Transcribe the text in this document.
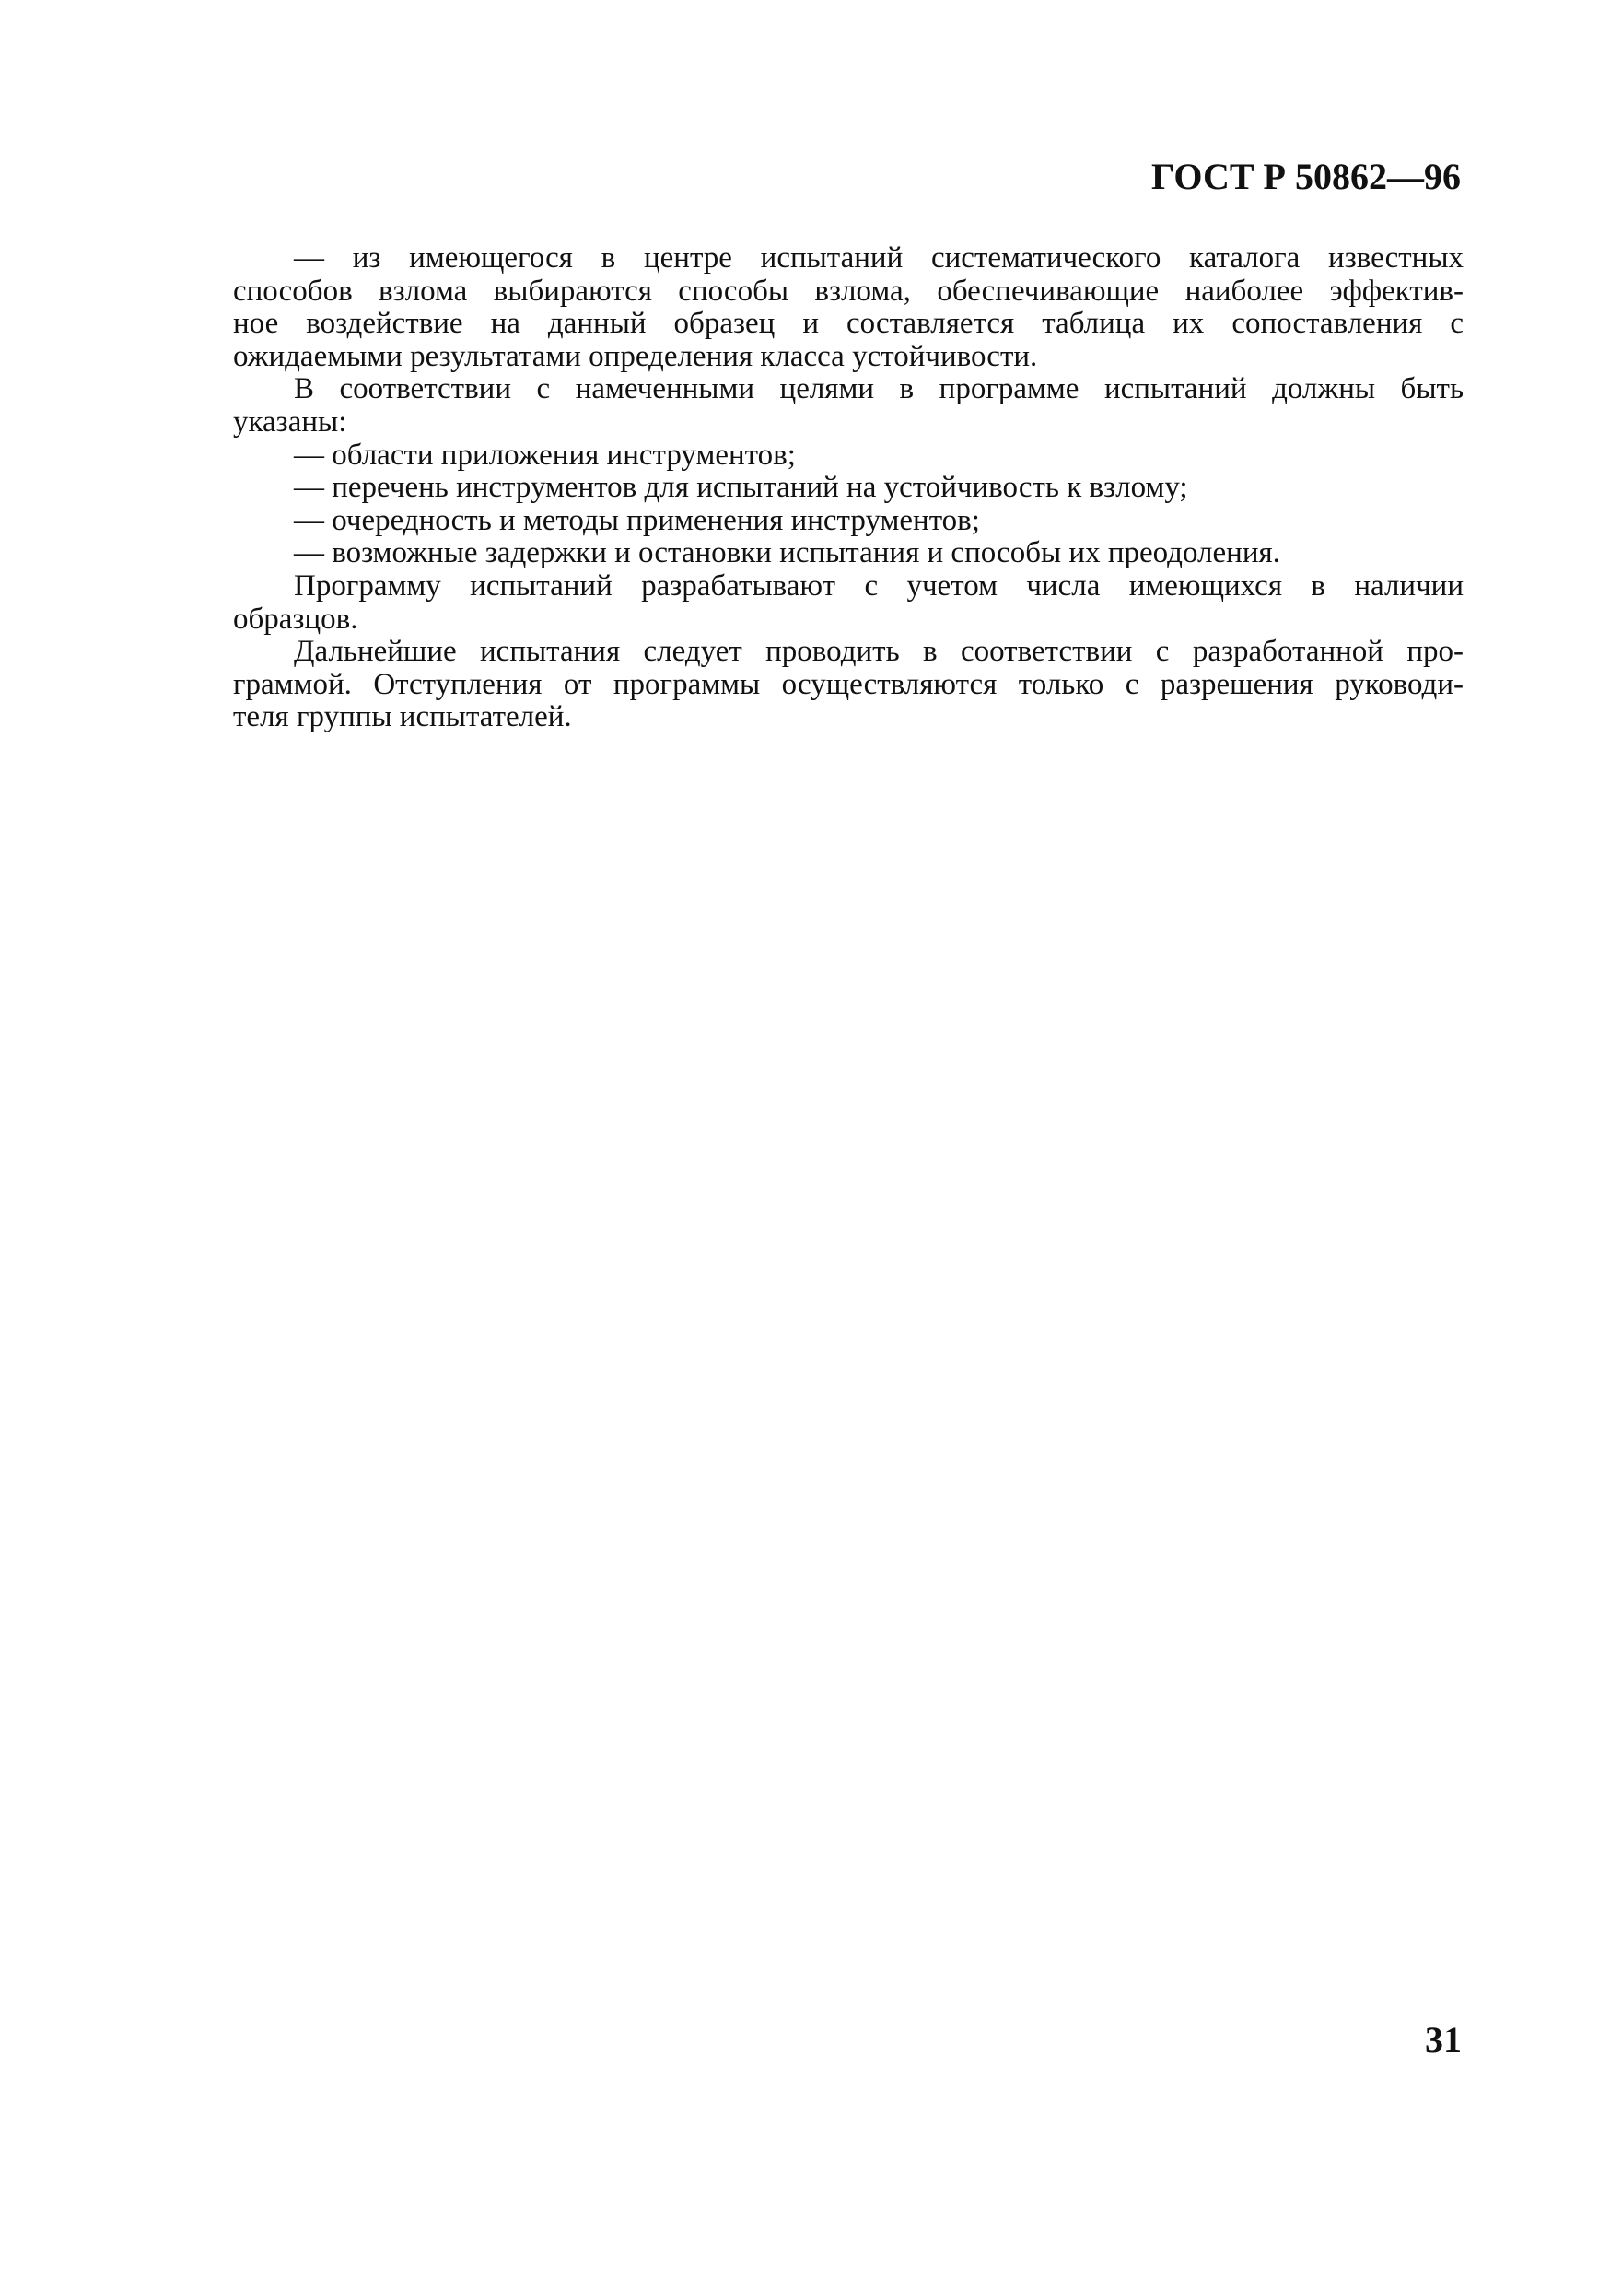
ГОСТ Р 50862—96
— из имеющегося в центре испытаний систематического каталога известных
способов взлома выбираются способы взлома, обеспечивающие наиболее эффектив-
ное воздействие на данный образец и составляется таблица их сопоставления с
ожидаемыми результатами определения класса устойчивости.
В соответствии с намеченными целями в программе испытаний должны быть
указаны:
— области приложения инструментов;
— перечень инструментов для испытаний на устойчивость к взлому;
— очередность и методы применения инструментов;
— возможные задержки и остановки испытания и способы их преодоления.
Программу испытаний разрабатывают с учетом числа имеющихся в наличии
образцов.
Дальнейшие испытания следует проводить в соответствии с разработанной про-
граммой. Отступления от программы осуществляются только с разрешения руководи-
теля группы испытателей.
31
